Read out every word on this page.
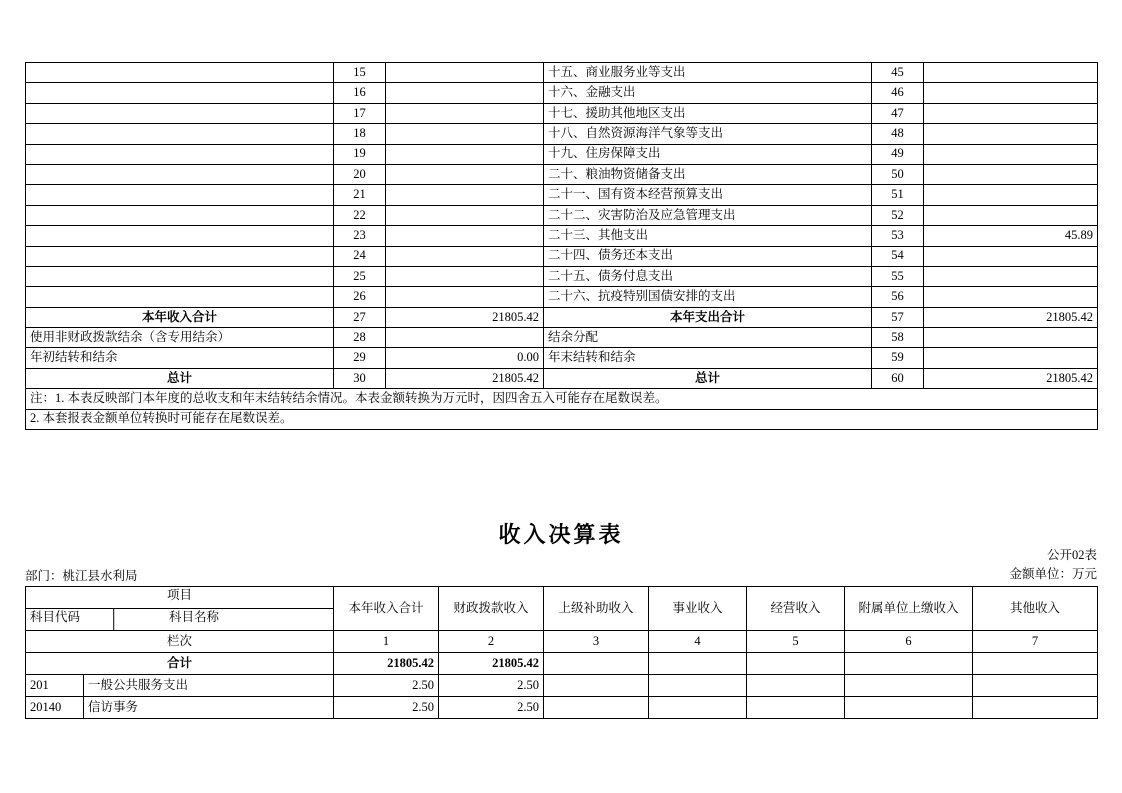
	15		十五、商业服务业等支出	45	
	16		十六、金融支出	46	
	17		十七、援助其他地区支出	47	
	18		十八、自然资源海洋气象等支出	48	
	19		十九、住房保障支出	49	
	20		二十、粮油物资储备支出	50	
	21		二十一、国有资本经营预算支出	51	
	22		二十二、灾害防治及应急管理支出	52	
	23		二十三、其他支出	53	45.89
	24		二十四、债务还本支出	54	
	25		二十五、债务付息支出	55	
	26		二十六、抗疫特别国债安排的支出	56	
本年收入合计	27	21805.42	本年支出合计	57	21805.42
使用非财政拨款结余（含专用结余）	28		结余分配	58	
年初结转和结余	29	0.00	年末结转和结余	59	
总计	30	21805.42	总计	60	21805.42
注：1. 本表反映部门本年度的总收支和年末结转结余情况。本表金额转换为万元时，因四舍五入可能存在尾数误差。					
2. 本套报表金额单位转换时可能存在尾数误差。					
收入决算表
公开02表
金额单位：万元
部门：桃江县水利局
项目
科目代码 科目名称		本年收入合计	财政拨款收入	上级补助收入	事业收入	经营收入	附属单位上缴收入	其他收入

栏次		1	2	3	4	5	6	7
合计		21805.42	21805.42					
201	一般公共服务支出	2.50	2.50					
20140	信访事务	2.50	2.50					
